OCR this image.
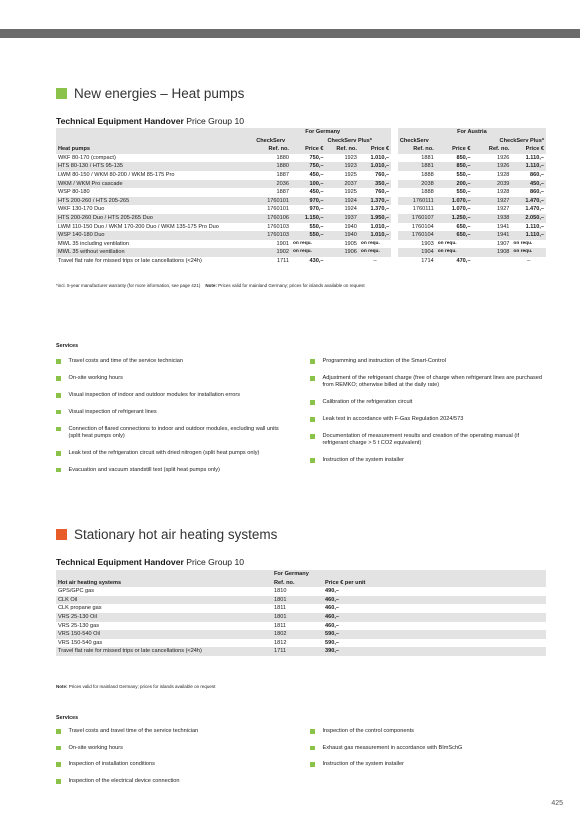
New energies – Heat pumps
Technical Equipment Handover Price Group 10
	For Germany					For Austria			
	CheckServ		CheckServ Plus*			CheckServ		CheckServ Plus*	
Heat pumps	Ref. no.	Price €	Ref. no.	Price €		Ref. no.	Price €	Ref. no.	Price €
WKF 80-170 (compact)	1880	750,–	1923	1.010,–		1881	850,–	1926	1.110,–
HTS 80-130 / HTS 95-135	1880	750,–	1923	1.010,–		1881	850,–	1926	1.110,–
LWM 80-150 / WKM 80-200 / WKM 85-175 Pro	1887	450,–	1925	760,–		1888	550,–	1928	860,–
WKM / WKM Pro cascade	2036	100,–	2037	350,–		2038	200,–	2039	450,–
WSP 80-180	1887	450,–	1925	760,–		1888	550,–	1928	860,–
HTS 200-260 / HTS 205-265	1760101	970,–	1924	1.370,–		1760111	1.070,–	1927	1.470,–
WKF 130-170 Duo	1760101	970,–	1924	1.370,–		1760111	1.070,–	1927	1.470,–
HTS 200-260 Duo / HTS 205-265 Duo	1760106	1.150,–	1937	1.950,–		1760107	1.250,–	1938	2.050,–
LWM 110-150 Duo / WKM 170-200 Duo / WKM 135-175 Pro Duo	1760103	550,–	1940	1.010,–		1760104	650,–	1941	1.110,–
WSP 140-180 Duo	1760103	550,–	1940	1.010,–		1760104	650,–	1941	1.110,–
MWL 35 including ventilation	1901	on requ.	1905	on requ.		1903	on requ.	1907	on requ.
MWL 35 without ventilation	1902	on requ.	1906	on requ.		1904	on requ.	1908	on requ.
Travel flat rate for missed trips or late cancellations (<24h)	1711	430,–		–		1714	470,–		–
*incl. 5-year manufacturer warranty (for more information, see page 421) Note: Prices valid for mainland Germany; prices for islands available on request
Services
Travel costs and time of the service technician
On-site working hours
Visual inspection of indoor and outdoor modules for installation errors
Visual inspection of refrigerant lines
Connection of flared connections to indoor and outdoor modules, excluding wall units (split heat pumps only)
Leak test of the refrigeration circuit with dried nitrogen (split heat pumps only)
Evacuation and vacuum standstill test (split heat pumps only)
Programming and instruction of the Smart-Control
Adjustment of the refrigerant charge (free of charge when refrigerant lines are purchased from REMKO; otherwise billed at the daily rate)
Calibration of the refrigeration circuit
Leak test in accordance with F-Gas Regulation 2024/573
Documentation of measurement results and creation of the operating manual (if refrigerant charge > 5 t CO2 equivalent)
Instruction of the system installer
Stationary hot air heating systems
Technical Equipment Handover Price Group 10
	For Germany	
Hot air heating systems	Ref. no.	Price € per unit
GPS/GPC gas	1810	490,–
CLK Oil	1801	460,–
CLK propane gas	1811	460,–
VRS 25-130 Oil	1801	460,–
VRS 25-130 gas	1811	460,–
VRS 150-540 Oil	1802	590,–
VRS 150-540 gas	1812	590,–
Travel flat rate for missed trips or late cancellations (<24h)	1711	390,–
Note: Prices valid for mainland Germany; prices for islands available on request
Services
Travel costs and travel time of the service technician
On-site working hours
Inspection of installation conditions
Inspection of the electrical device connection
Inspection of the control components
Exhaust gas measurement in accordance with BImSchG
Instruction of the system installer
425
